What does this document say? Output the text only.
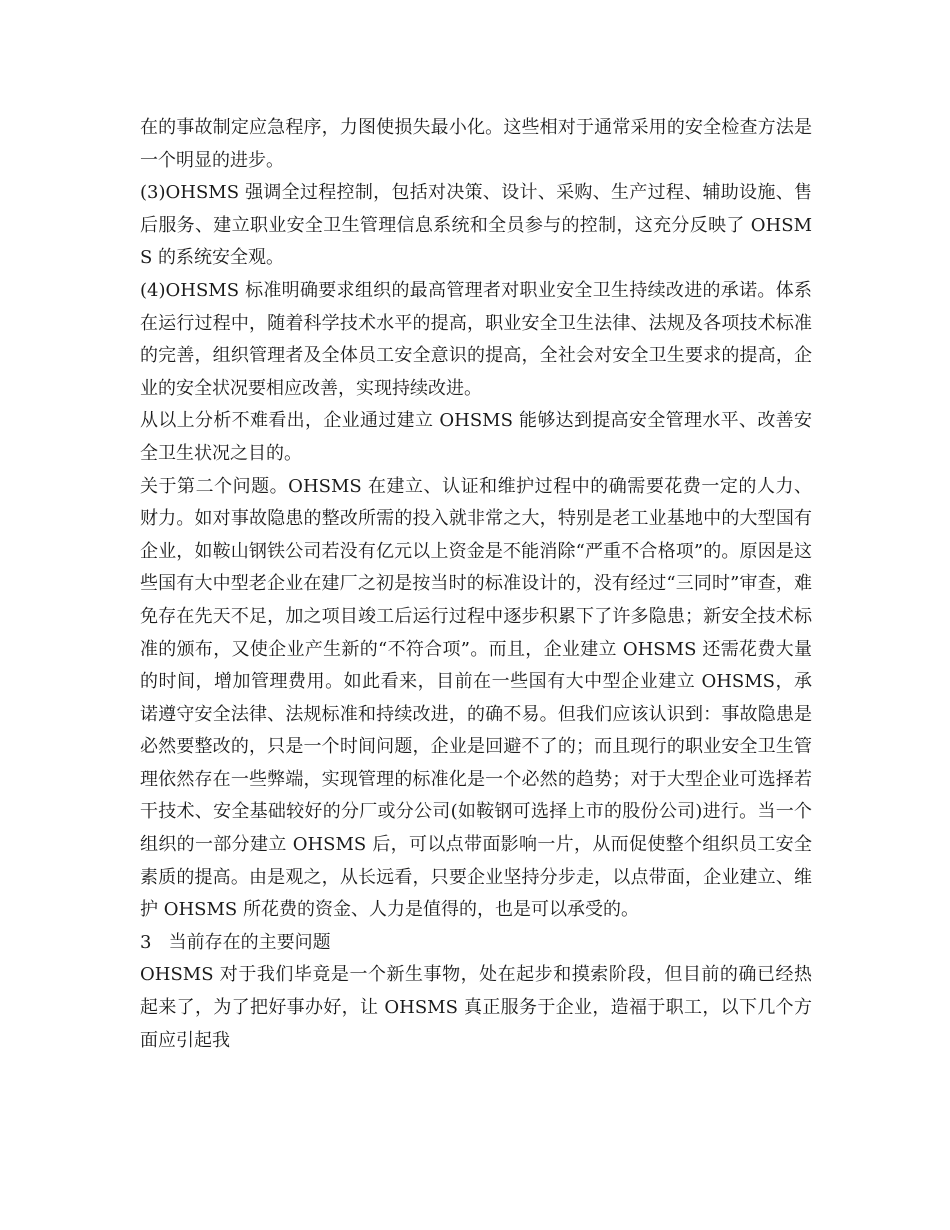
在的事故制定应急程序，力图使损失最小化。这些相对于通常采用的安全检查方法是一个明显的进步。

(3)OHSMS 强调全过程控制，包括对决策、设计、采购、生产过程、辅助设施、售后服务、建立职业安全卫生管理信息系统和全员参与的控制，这充分反映了 OHSMS 的系统安全观。

(4)OHSMS 标准明确要求组织的最高管理者对职业安全卫生持续改进的承诺。体系在运行过程中，随着科学技术水平的提高，职业安全卫生法律、法规及各项技术标准的完善，组织管理者及全体员工安全意识的提高，全社会对安全卫生要求的提高，企业的安全状况要相应改善，实现持续改进。

从以上分析不难看出，企业通过建立 OHSMS 能够达到提高安全管理水平、改善安全卫生状况之目的。

关于第二个问题。OHSMS 在建立、认证和维护过程中的确需要花费一定的人力、财力。如对事故隐患的整改所需的投入就非常之大，特别是老工业基地中的大型国有企业，如鞍山钢铁公司若没有亿元以上资金是不能消除“严重不合格项”的。原因是这些国有大中型老企业在建厂之初是按当时的标准设计的，没有经过“三同时”审查，难免存在先天不足，加之项目竣工后运行过程中逐步积累下了许多隐患；新安全技术标准的颁布，又使企业产生新的“不符合项”。而且，企业建立 OHSMS 还需花费大量的时间，增加管理费用。如此看来，目前在一些国有大中型企业建立 OHSMS，承诺遵守安全法律、法规标准和持续改进，的确不易。但我们应该认识到：事故隐患是必然要整改的，只是一个时间问题，企业是回避不了的；而且现行的职业安全卫生管理依然存在一些弊端，实现管理的标准化是一个必然的趋势；对于大型企业可选择若干技术、安全基础较好的分厂或分公司(如鞍钢可选择上市的股份公司)进行。当一个组织的一部分建立 OHSMS 后，可以点带面影响一片，从而促使整个组织员工安全素质的提高。由是观之，从长远看，只要企业坚持分步走，以点带面，企业建立、维护 OHSMS 所花费的资金、人力是值得的，也是可以承受的。

3   当前存在的主要问题

OHSMS 对于我们毕竟是一个新生事物，处在起步和摸索阶段，但目前的确已经热起来了，为了把好事办好，让 OHSMS 真正服务于企业，造福于职工，以下几个方面应引起我
